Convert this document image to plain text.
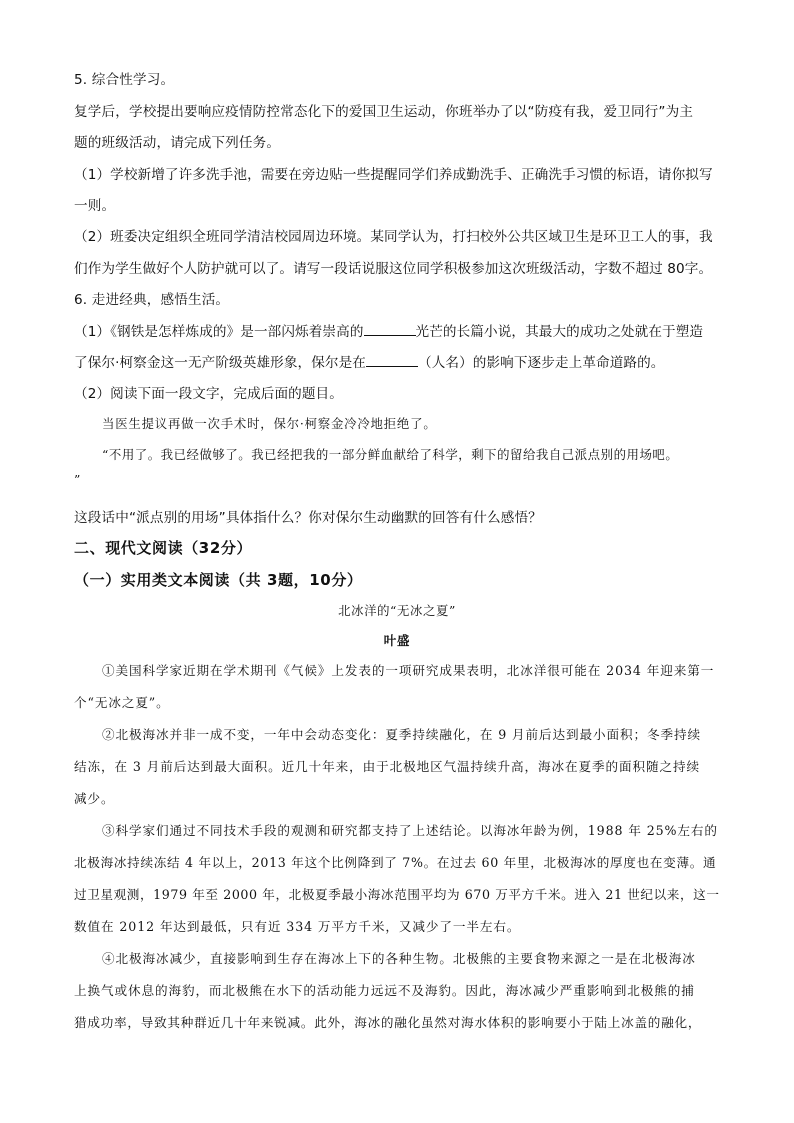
5. 综合性学习。
复学后，学校提出要响应疫情防控常态化下的爱国卫生运动，你班举办了以“防疫有我，爱卫同行”为主
题的班级活动，请完成下列任务。
（1）学校新增了许多洗手池，需要在旁边贴一些提醒同学们养成勤洗手、正确洗手习惯的标语，请你拟写
一则。
（2）班委决定组织全班同学清洁校园周边环境。某同学认为，打扫校外公共区域卫生是环卫工人的事，我
们作为学生做好个人防护就可以了。请写一段话说服这位同学积极参加这次班级活动，字数不超过 80字。
6. 走进经典，感悟生活。
（1）《钢铁是怎样炼成的》是一部闪烁着崇高的	光芒的长篇小说，其最大的成功之处就在于塑造
了保尔·柯察金这一无产阶级英雄形象，保尔是在	（人名）的影响下逐步走上革命道路的。
（2）阅读下面一段文字，完成后面的题目。
当医生提议再做一次手术时，保尔·柯察金冷冷地拒绝了。
“不用了。我已经做够了。我已经把我的一部分鲜血献给了科学，剩下的留给我自己派点别的用场吧。
”
这段话中“派点别的用场”具体指什么？你对保尔生动幽默的回答有什么感悟？
二、现代文阅读（32分）
（一）实用类文本阅读（共 3题，10分）
北冰洋的“无冰之夏”
叶盛
①美国科学家近期在学术期刊《气候》上发表的一项研究成果表明，北冰洋很可能在 2034 年迎来第一
个“无冰之夏”。
②北极海冰并非一成不变，一年中会动态变化：夏季持续融化，在 9 月前后达到最小面积；冬季持续
结冻，在 3 月前后达到最大面积。近几十年来，由于北极地区气温持续升高，海冰在夏季的面积随之持续
减少。
③科学家们通过不同技术手段的观测和研究都支持了上述结论。以海冰年龄为例，1988 年 25%左右的
北极海冰持续冻结 4 年以上，2013 年这个比例降到了 7%。在过去 60 年里，北极海冰的厚度也在变薄。通
过卫星观测，1979 年至 2000 年，北极夏季最小海冰范围平均为 670 万平方千米。进入 21 世纪以来，这一
数值在 2012 年达到最低，只有近 334 万平方千米，又减少了一半左右。
④北极海冰减少，直接影响到生存在海冰上下的各种生物。北极熊的主要食物来源之一是在北极海冰
上换气或休息的海豹，而北极熊在水下的活动能力远远不及海豹。因此，海冰减少严重影响到北极熊的捕
猎成功率，导致其种群近几十年来锐减。此外，海冰的融化虽然对海水体积的影响要小于陆上冰盖的融化，
